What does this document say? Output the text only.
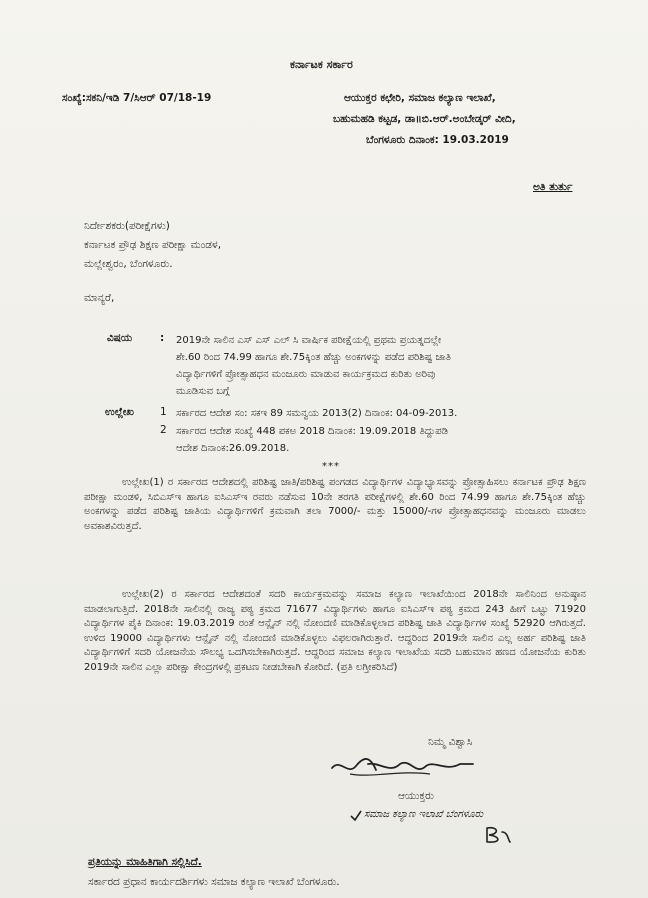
ಕರ್ನಾಟಕ ಸರ್ಕಾರ
ಸಂಖ್ಯೆ:ಸಕನಿ/ಇಡಿ 7/ಸಿಆರ್ 07/18-19	ಆಯುಕ್ತರ ಕಛೇರಿ, ಸಮಾಜ ಕಲ್ಯಾಣ ಇಲಾಖೆ,
ಬಹುಮಹಡಿ ಕಟ್ಟಡ, ಡಾ॥ಬಿ.ಆರ್.ಅಂಬೇಡ್ಕರ್ ವೀದಿ,
ಬೆಂಗಳೂರು ದಿನಾಂಕ: 19.03.2019
ಅತಿ ತುರ್ತು
ನಿರ್ದೇಶಕರು(ಪರೀಕ್ಷೆಗಳು)
ಕರ್ನಾಟಕ ಪ್ರೌಢ ಶಿಕ್ಷಣ ಪರೀಕ್ಷಾ ಮಂಡಳ,
ಮಲ್ಲೇಶ್ವರಂ, ಬೆಂಗಳೂರು.
ಮಾನ್ಯರೆ,
ವಿಷಯ	: 2019ನೇ ಸಾಲಿನ ಎಸ್ ಎಸ್ ಎಲ್ ಸಿ ವಾರ್ಷಿಕ ಪರೀಕ್ಷೆಯಲ್ಲಿ ಪ್ರಥಮ ಪ್ರಯತ್ನದಲ್ಲೇ
ಶೇ.60 ರಿಂದ 74.99 ಹಾಗೂ ಶೇ.75ಕ್ಕಿಂತ ಹೆಚ್ಚು ಅಂಕಗಳನ್ನು ಪಡೆದ ಪರಿಶಿಷ್ಟ ಜಾತಿ
ವಿದ್ಯಾರ್ಥಿಗಳಿಗೆ ಪ್ರೋತ್ಸಾಹಧನ ಮಂಜೂರು ಮಾಡುವ ಕಾರ್ಯಕ್ರಮದ ಕುರಿತು ಅರಿವು
ಮೂಡಿಸುವ ಬಗ್ಗೆ
ಉಲ್ಲೇಖ 1 ಸರ್ಕಾರದ ಆದೇಶ ಸಂ: ಸಕಇ 89 ಸಮನ್ವಯ 2013(2) ದಿನಾಂಕ: 04-09-2013.
2 ಸರ್ಕಾರದ ಆದೇಶ ಸಂಖ್ಯೆ 448 ಪಕಅ 2018 ದಿನಾಂಕ: 19.09.2018 ತಿದ್ದುಪಡಿ
ಆದೇಶ ದಿನಾಂಕ:26.09.2018.
***
ಉಲ್ಲೇಖ(1) ರ ಸರ್ಕಾರದ ಆದೇಶದಲ್ಲಿ ಪರಿಶಿಷ್ಟ ಜಾತಿ/ಪರಿಶಿಷ್ಟ ಪಂಗಡದ ವಿದ್ಯಾರ್ಥಿಗಳ ವಿದ್ಯಾಭ್ಯಾಸವನ್ನು ಪ್ರೋತ್ಸಾಹಿಸಲು ಕರ್ನಾಟಕ ಪ್ರೌಢ ಶಿಕ್ಷಣ ಪರೀಕ್ಷಾ ಮಂಡಳಿ, ಸಿಬಿಎಸ್‌ಇ ಹಾಗೂ ಐಸಿಎಸ್‌ಇ ರವರು ನಡೆಸುವ 10ನೇ ತರಗತಿ ಪರೀಕ್ಷೆಗಳಲ್ಲಿ ಶೇ.60 ರಿಂದ 74.99 ಹಾಗೂ ಶೇ.75ಕ್ಕಿಂತ ಹೆಚ್ಚು ಅಂಕಗಳನ್ನು ಪಡೆದ ಪರಿಶಿಷ್ಟ ಜಾತಿಯ ವಿದ್ಯಾರ್ಥಿಗಳಿಗೆ ಕ್ರಮವಾಗಿ ತಲಾ 7000/- ಮತ್ತು 15000/-ಗಳ ಪ್ರೋತ್ಸಾಹಧನವನ್ನು ಮಂಜೂರು ಮಾಡಲು ಅವಕಾಶವಿರುತ್ತದೆ.
ಉಲ್ಲೇಖ(2) ರ ಸರ್ಕಾರದ ಆದೇಶದಂತೆ ಸದರಿ ಕಾರ್ಯಕ್ರಮವನ್ನು ಸಮಾಜ ಕಲ್ಯಾಣ ಇಲಾಖೆಯಿಂದ 2018ನೇ ಸಾಲಿನಿಂದ ಅನುಷ್ಠಾನ ಮಾಡಲಾಗುತ್ತಿದೆ. 2018ನೇ ಸಾಲಿನಲ್ಲಿ ರಾಜ್ಯ ಪಠ್ಯ ಕ್ರಮದ 71677 ವಿದ್ಯಾರ್ಥಿಗಳು ಹಾಗೂ ಐಸಿಎಸ್‌ಇ ಪಠ್ಯ ಕ್ರಮದ 243 ಹೀಗೆ ಒಟ್ಟು 71920 ವಿದ್ಯಾರ್ಥಿಗಳ ಪೈಕಿ ದಿನಾಂಕ: 19.03.2019 ರಂತೆ ಆನ್ಲೈನ್ ನಲ್ಲಿ ನೋಂದಣಿ ಮಾಡಿಕೊಳ್ಳಲಾದ ಪರಿಶಿಷ್ಟ ಜಾತಿ ವಿದ್ಯಾರ್ಥಿಗಳ ಸಂಖ್ಯೆ 52920 ಆಗಿರುತ್ತದೆ. ಉಳಿದ 19000 ವಿದ್ಯಾರ್ಥಿಗಳು ಆನ್ಲೈನ್ ನಲ್ಲಿ ನೋಂದಣಿ ಮಾಡಿಕೊಳ್ಳಲು ವಿಫಲರಾಗಿರುತ್ತಾರೆ. ಆದ್ದರಿಂದ 2019ನೇ ಸಾಲಿನ ಎಲ್ಲ ಅರ್ಹ ಪರಿಶಿಷ್ಟ ಜಾತಿ ವಿದ್ಯಾರ್ಥಿಗಳಿಗೆ ಸದರಿ ಯೋಜನೆಯ ಸೌಲಭ್ಯ ಒದಗಿಸಬೇಕಾಗಿರುತ್ತದೆ. ಆದ್ದರಿಂದ ಸಮಾಜ ಕಲ್ಯಾಣ ಇಲಾಖೆಯ ಸದರಿ ಬಹುಮಾನ ಹಣದ ಯೋಜನೆಯ ಕುರಿತು 2019ನೇ ಸಾಲಿನ ಎಲ್ಲಾ ಪರೀಕ್ಷಾ ಕೇಂದ್ರಗಳಲ್ಲಿ ಪ್ರಕಟಣ ನೀಡಬೇಕಾಗಿ ಕೋರಿದೆ. (ಪ್ರತಿ ಲಗ್ತೀಕರಿಸಿದೆ)
ನಿಮ್ಮ ವಿಶ್ವಾಸಿ
ಆಯುಕ್ತರು
ಸಮಾಜ ಕಲ್ಯಾಣ ಇಲಾಖೆ ಬೆಂಗಳೂರು
ಪ್ರತಿಯನ್ನು ಮಾಹಿತಿಗಾಗಿ ಸಲ್ಲಿಸಿದೆ.
ಸರ್ಕಾರದ ಪ್ರಧಾನ ಕಾರ್ಯದರ್ಶಿಗಳು ಸಮಾಜ ಕಲ್ಯಾಣ ಇಲಾಖೆ ಬೆಂಗಳೂರು.
